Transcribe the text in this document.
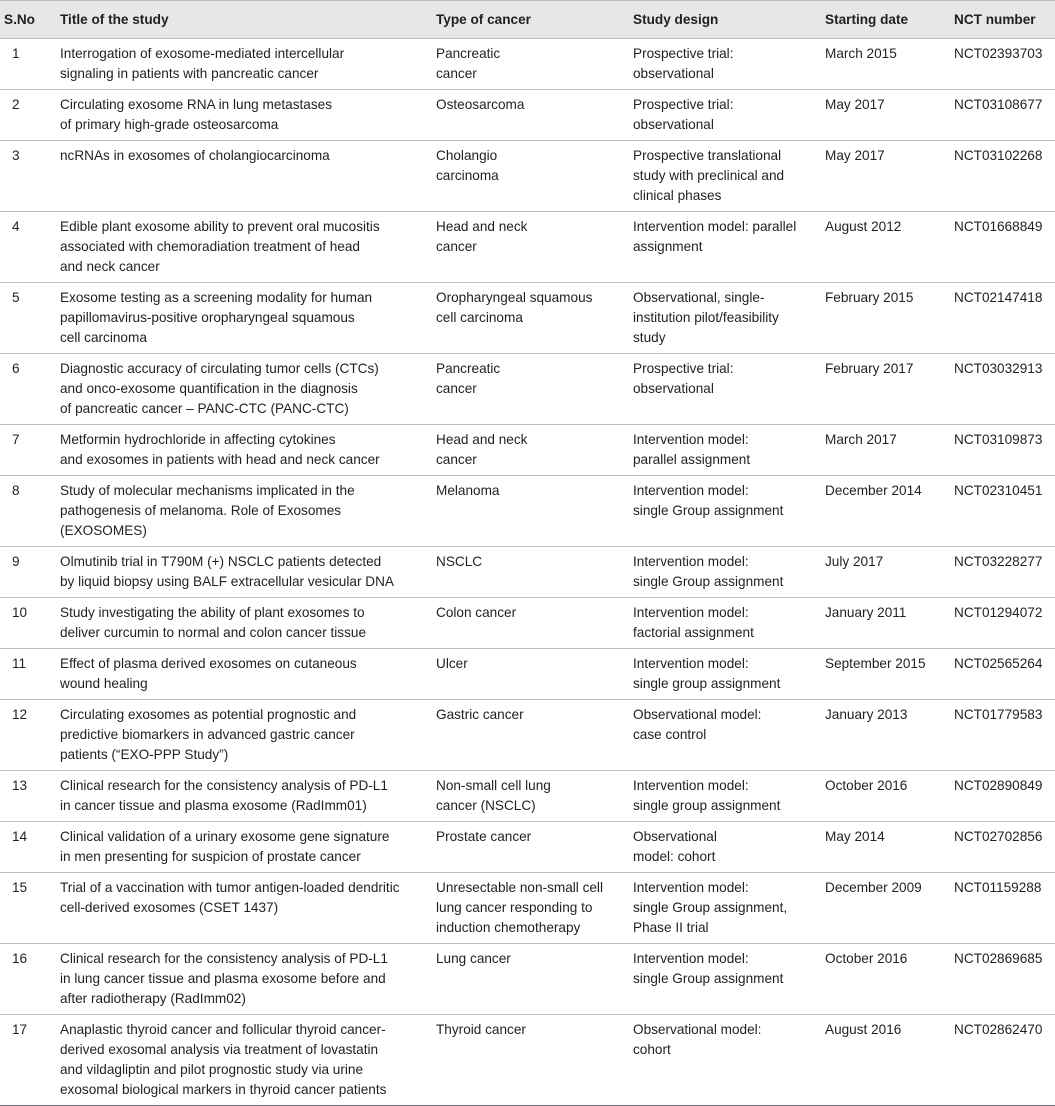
S.No	Title of the study	Type of cancer	Study design	Starting date	NCT number
1	Interrogation of exosome-mediated intercellular
signaling in patients with pancreatic cancer	Pancreatic
cancer	Prospective trial:
observational	March 2015	NCT02393703
2	Circulating exosome RNA in lung metastases
of primary high-grade osteosarcoma	Osteosarcoma	Prospective trial:
observational	May 2017	NCT03108677
3	ncRNAs in exosomes of cholangiocarcinoma	Cholangio
carcinoma	Prospective translational
study with preclinical and
clinical phases	May 2017	NCT03102268
4	Edible plant exosome ability to prevent oral mucositis
associated with chemoradiation treatment of head
and neck cancer	Head and neck
cancer	Intervention model: parallel
assignment	August 2012	NCT01668849
5	Exosome testing as a screening modality for human
papillomavirus-positive oropharyngeal squamous
cell carcinoma	Oropharyngeal squamous
cell carcinoma	Observational, single-
institution pilot/feasibility
study	February 2015	NCT02147418
6	Diagnostic accuracy of circulating tumor cells (CTCs)
and onco-exosome quantification in the diagnosis
of pancreatic cancer – PANC-CTC (PANC-CTC)	Pancreatic
cancer	Prospective trial:
observational	February 2017	NCT03032913
7	Metformin hydrochloride in affecting cytokines
and exosomes in patients with head and neck cancer	Head and neck
cancer	Intervention model:
parallel assignment	March 2017	NCT03109873
8	Study of molecular mechanisms implicated in the
pathogenesis of melanoma. Role of Exosomes
(EXOSOMES)	Melanoma	Intervention model:
single Group assignment	December 2014	NCT02310451
9	Olmutinib trial in T790M (+) NSCLC patients detected
by liquid biopsy using BALF extracellular vesicular DNA	NSCLC	Intervention model:
single Group assignment	July 2017	NCT03228277
10	Study investigating the ability of plant exosomes to
deliver curcumin to normal and colon cancer tissue	Colon cancer	Intervention model:
factorial assignment	January 2011	NCT01294072
11	Effect of plasma derived exosomes on cutaneous
wound healing	Ulcer	Intervention model:
single group assignment	September 2015	NCT02565264
12	Circulating exosomes as potential prognostic and
predictive biomarkers in advanced gastric cancer
patients (“EXO-PPP Study”)	Gastric cancer	Observational model:
case control	January 2013	NCT01779583
13	Clinical research for the consistency analysis of PD-L1
in cancer tissue and plasma exosome (RadImm01)	Non-small cell lung
cancer (NSCLC)	Intervention model:
single group assignment	October 2016	NCT02890849
14	Clinical validation of a urinary exosome gene signature
in men presenting for suspicion of prostate cancer	Prostate cancer	Observational
model: cohort	May 2014	NCT02702856
15	Trial of a vaccination with tumor antigen-loaded dendritic
cell-derived exosomes (CSET 1437)	Unresectable non-small cell
lung cancer responding to
induction chemotherapy	Intervention model:
single Group assignment,
Phase II trial	December 2009	NCT01159288
16	Clinical research for the consistency analysis of PD-L1
in lung cancer tissue and plasma exosome before and
after radiotherapy (RadImm02)	Lung cancer	Intervention model:
single Group assignment	October 2016	NCT02869685
17	Anaplastic thyroid cancer and follicular thyroid cancer-
derived exosomal analysis via treatment of lovastatin
and vildagliptin and pilot prognostic study via urine
exosomal biological markers in thyroid cancer patients	Thyroid cancer	Observational model:
cohort	August 2016	NCT02862470
